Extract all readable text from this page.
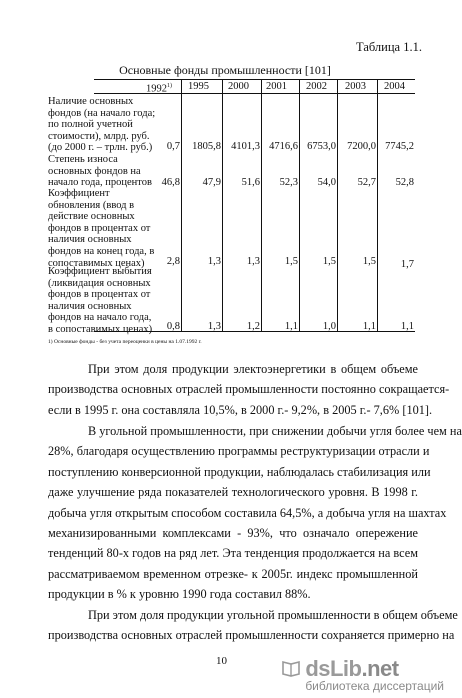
Таблица 1.1.
Основные фонды промышленности [101]
1992$^{1)}$	1995 2000 2001 2002 2003 2004
Наличие основных
фондов (на начало года;
по полной учетной
стоимости), млрд. руб.
(до 2000 г. – трлн. руб.)	0,7	1805,8 4101,3 4716,6 6753,0	7200,0 7745,2
Степень износа
основных фондов на
начало года, процентов 46,8	47,9	51,6	52,3	54,0	52,7	52,8
Коэффициент
обновления (ввод в
действие основных
фондов в процентах от
наличия основных
фондов на конец года, в
сопоставимых ценах)	2,8	1,3	1,3	1,5	1,5	1,5	1,7
Коэффициент выбытия
(ликвидация основных
фондов в процентах от
наличия основных
фондов на начало года,
в сопоставимых ценах)	0,8	1,3	1,2	1,1	1,0	1,1	1,1
1) Основные фонды - без учета переоценки в цены на 1.07.1992 г.
При этом доля продукции электоэнергетики в общем объеме
производства основных отраслей промышленности постоянно сокращается-
если в 1995 г. она составляла 10,5%, в 2000 г.- 9,2%, в 2005 г.- 7,6% [101].
В угольной промышленности, при снижении добычи угля более чем на
28%, благодаря осуществлению программы реструктуризации отрасли и
поступлению конверсионной продукции, наблюдалась стабилизация или
даже улучшение ряда показателей технологического уровня. В 1998 г.
добыча угля открытым способом составила 64,5%, а добыча угля на шахтах
механизированными комплексами - 93%, что означало опережение
тенденций 80-х годов на ряд лет. Эта тенденция продолжается на всем
рассматриваемом временном отрезке- к 2005г. индекс промышленной
продукции в % к уровню 1990 года составил 88%.
При этом доля продукции угольной промышленности в общем объеме
производства основных отраслей промышленности сохраняется примерно на
10	dsLib.net
библиотека диссертаций
